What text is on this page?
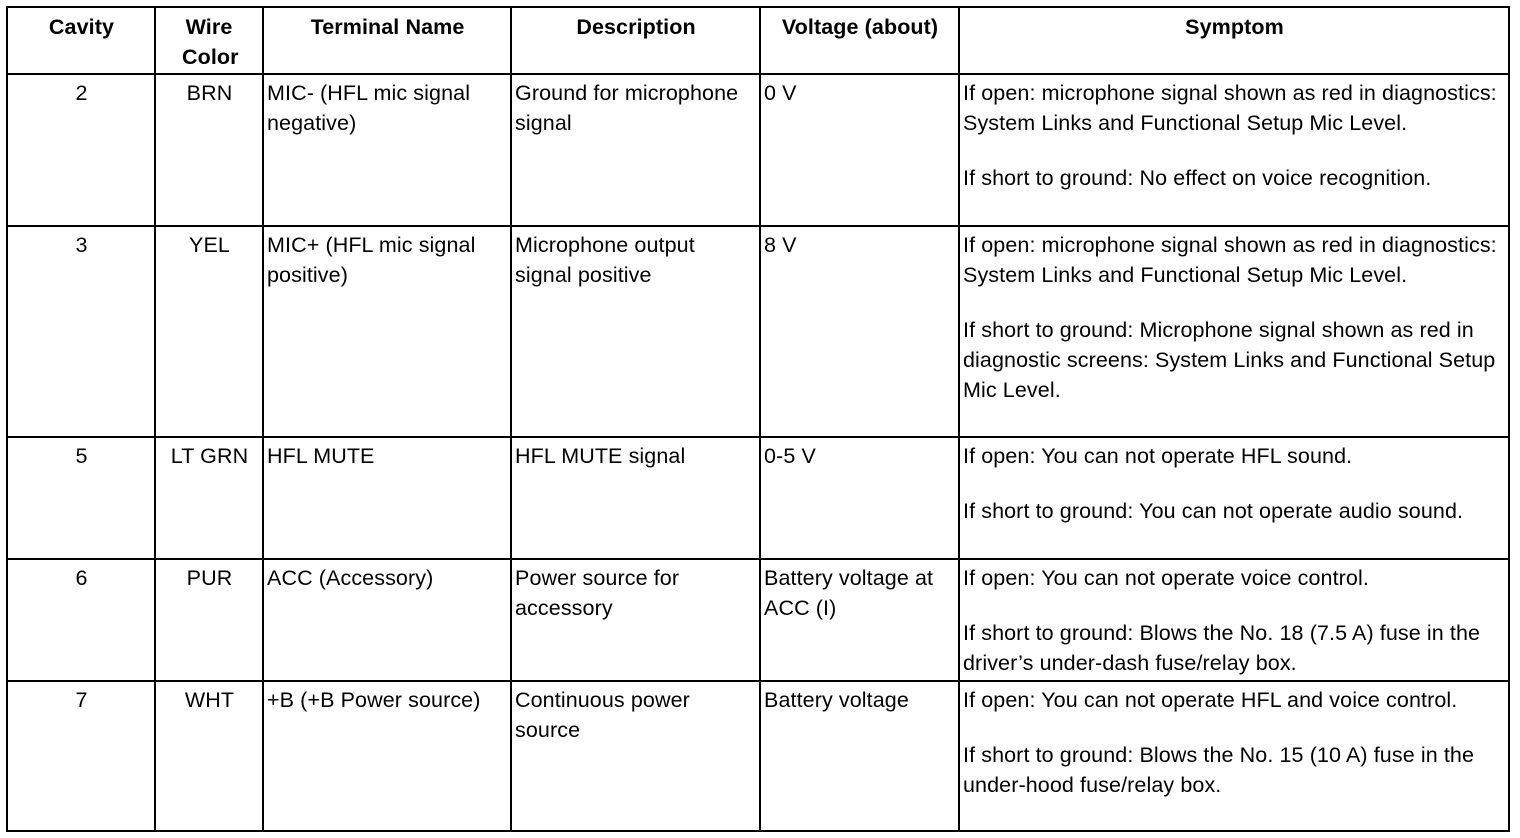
Cavity	Wire Color	Terminal Name	Description	Voltage (about)	Symptom
2	BRN	MIC- (HFL mic signal negative)	Ground for microphone signal	0 V	If open: microphone signal shown as red in diagnostics: System Links and Functional Setup Mic Level.

If short to ground: No effect on voice recognition.

3	YEL	MIC+ (HFL mic signal positive)	Microphone output signal positive	8 V	If open: microphone signal shown as red in diagnostics: System Links and Functional Setup Mic Level.

If short to ground: Microphone signal shown as red in diagnostic screens: System Links and Functional Setup Mic Level.

5	LT GRN	HFL MUTE	HFL MUTE signal	0-5 V	If open: You can not operate HFL sound.

If short to ground: You can not operate audio sound.

6	PUR	ACC (Accessory)	Power source for accessory	Battery voltage at ACC (I)	If open: You can not operate voice control.

If short to ground: Blows the No. 18 (7.5 A) fuse in the driver’s under-dash fuse/relay box.

7	WHT	+B (+B Power source)	Continuous power source	Battery voltage	If open: You can not operate HFL and voice control.

If short to ground: Blows the No. 15 (10 A) fuse in the under-hood fuse/relay box.
